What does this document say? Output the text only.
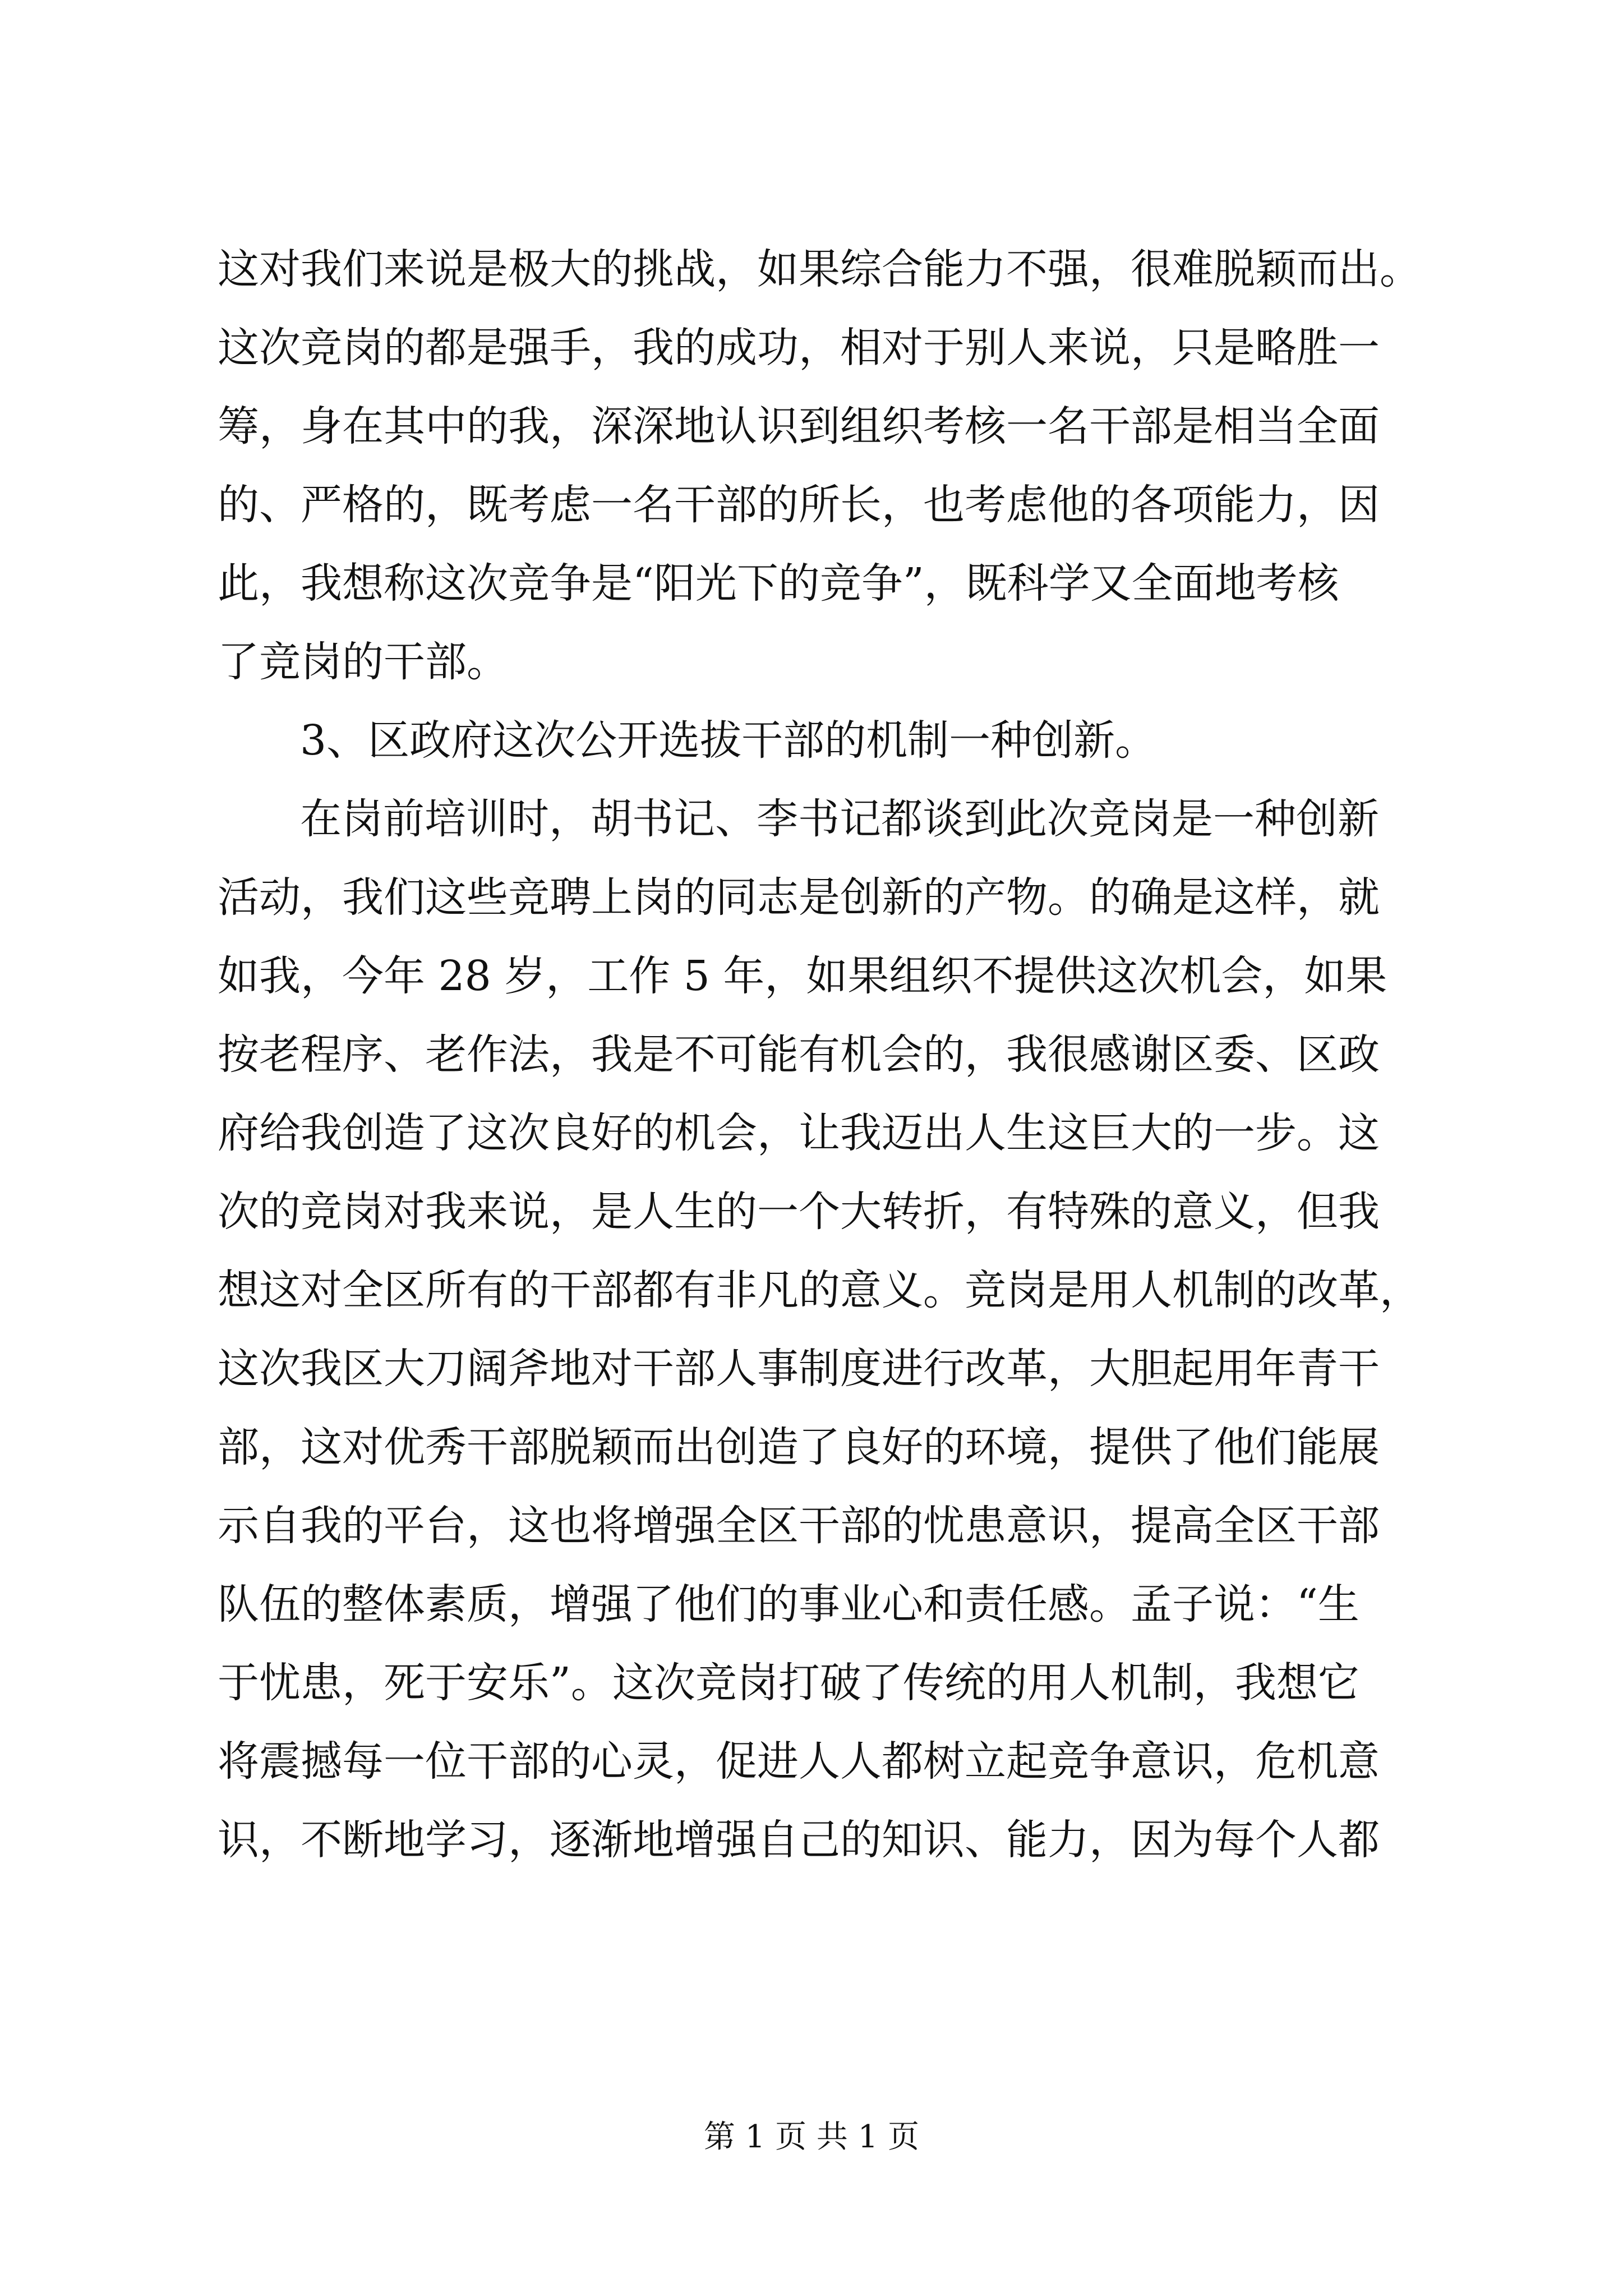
这对我们来说是极大的挑战，如果综合能力不强，很难脱颖而出。
这次竞岗的都是强手，我的成功，相对于别人来说，只是略胜一
筹，身在其中的我，深深地认识到组织考核一名干部是相当全面
的、严格的，既考虑一名干部的所长，也考虑他的各项能力，因
此，我想称这次竞争是“阳光下的竞争”，既科学又全面地考核
了竞岗的干部。
3、区政府这次公开选拔干部的机制一种创新。
在岗前培训时，胡书记、李书记都谈到此次竞岗是一种创新
活动，我们这些竞聘上岗的同志是创新的产物。的确是这样，就
如我，今年 28 岁，工作 5 年，如果组织不提供这次机会，如果
按老程序、老作法，我是不可能有机会的，我很感谢区委、区政
府给我创造了这次良好的机会，让我迈出人生这巨大的一步。这
次的竞岗对我来说，是人生的一个大转折，有特殊的意义，但我
想这对全区所有的干部都有非凡的意义。竞岗是用人机制的改革，
这次我区大刀阔斧地对干部人事制度进行改革，大胆起用年青干
部，这对优秀干部脱颖而出创造了良好的环境，提供了他们能展
示自我的平台，这也将增强全区干部的忧患意识，提高全区干部
队伍的整体素质，增强了他们的事业心和责任感。孟子说：“生
于忧患，死于安乐”。这次竞岗打破了传统的用人机制，我想它
将震撼每一位干部的心灵，促进人人都树立起竞争意识，危机意
识，不断地学习，逐渐地增强自己的知识、能力，因为每个人都
第 1 页 共 1 页
